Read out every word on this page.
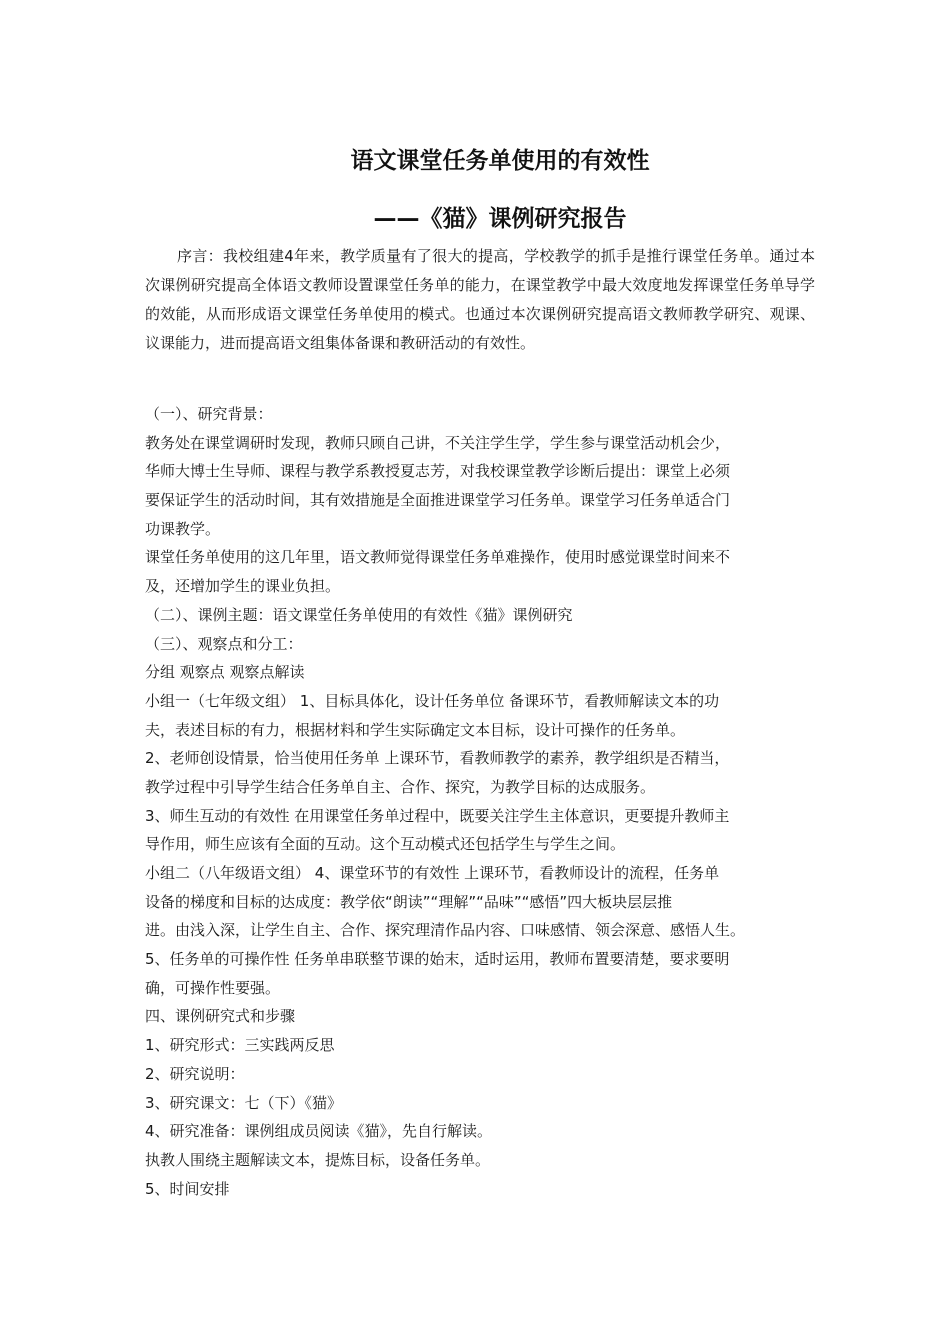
语文课堂任务单使用的有效性
——《猫》课例研究报告

序言：我校组建4年来，教学质量有了很大的提高，学校教学的抓手是推行课堂任务单。通过本次课例研究提高全体语文教师设置课堂任务单的能力，在课堂教学中最大效度地发挥课堂任务单导学的效能，从而形成语文课堂任务单使用的模式。也通过本次课例研究提高语文教师教学研究、观课、议课能力，进而提高语文组集体备课和教研活动的有效性。

（一）、研究背景：
教务处在课堂调研时发现，教师只顾自己讲，不关注学生学，学生参与课堂活动机会少，
华师大博士生导师、课程与教学系教授夏志芳，对我校课堂教学诊断后提出：课堂上必须
要保证学生的活动时间，其有效措施是全面推进课堂学习任务单。课堂学习任务单适合门
功课教学。
课堂任务单使用的这几年里，语文教师觉得课堂任务单难操作，使用时感觉课堂时间来不
及，还增加学生的课业负担。
（二）、课例主题：语文课堂任务单使用的有效性《猫》课例研究
（三）、观察点和分工：
分组 观察点 观察点解读
小组一（七年级文组） 1、目标具体化，设计任务单位 备课环节，看教师解读文本的功
夫，表述目标的有力，根据材料和学生实际确定文本目标，设计可操作的任务单。
2、老师创设情景，恰当使用任务单 上课环节，看教师教学的素养，教学组织是否精当，
教学过程中引导学生结合任务单自主、合作、探究，为教学目标的达成服务。
3、师生互动的有效性 在用课堂任务单过程中，既要关注学生主体意识，更要提升教师主
导作用，师生应该有全面的互动。这个互动模式还包括学生与学生之间。
小组二（八年级语文组） 4、课堂环节的有效性 上课环节，看教师设计的流程，任务单
设备的梯度和目标的达成度：教学依“朗读”“理解”“品味”“感悟”四大板块层层推
进。由浅入深，让学生自主、合作、探究理清作品内容、口味感情、领会深意、感悟人生。
5、任务单的可操作性 任务单串联整节课的始末，适时运用，教师布置要清楚，要求要明
确，可操作性要强。
四、课例研究式和步骤
1、研究形式：三实践两反思
2、研究说明：
3、研究课文：七（下）《猫》
4、研究准备：课例组成员阅读《猫》，先自行解读。
执教人围绕主题解读文本，提炼目标，设备任务单。
5、时间安排
